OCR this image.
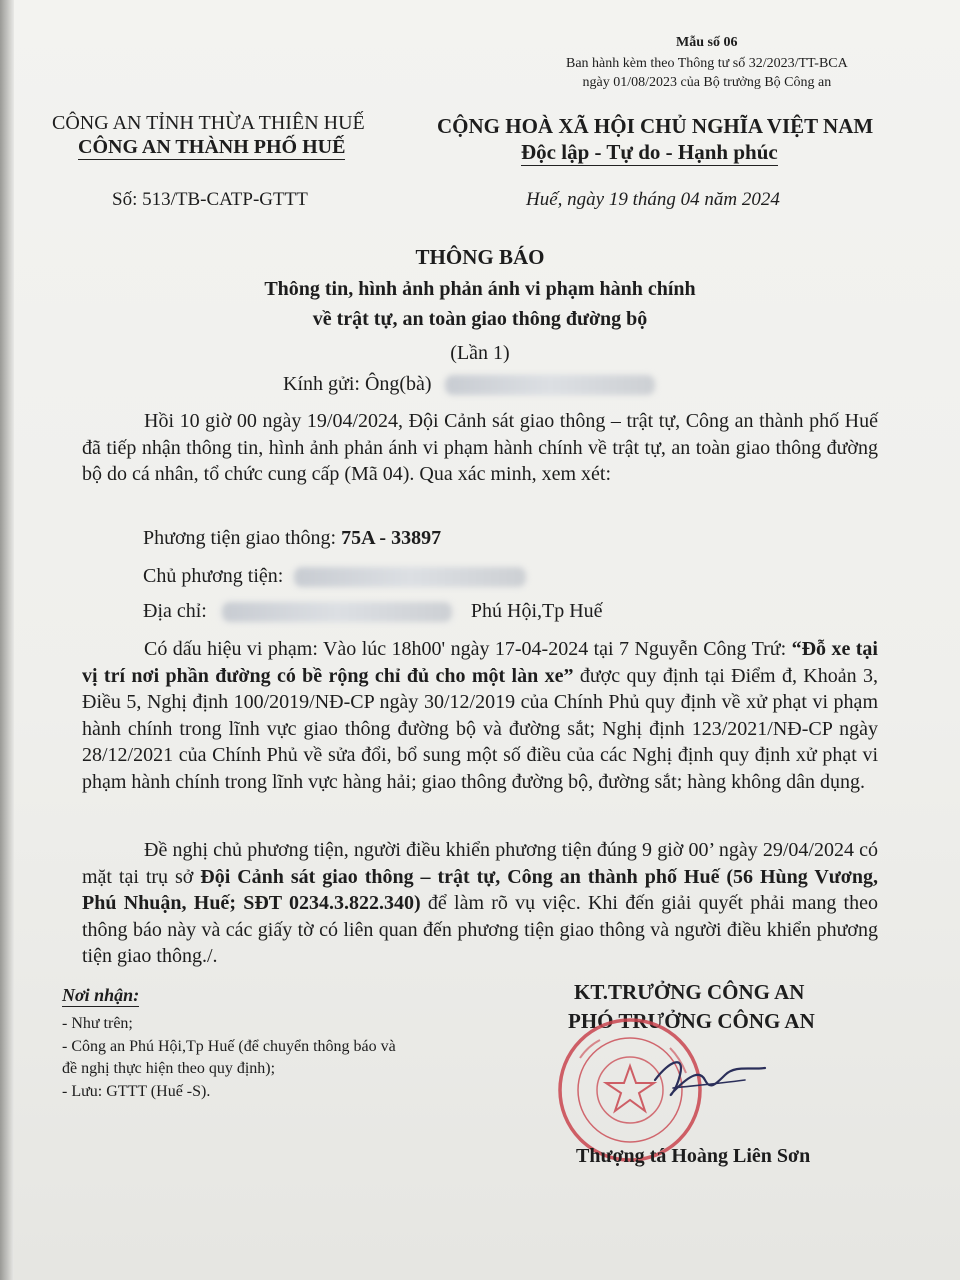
Mẫu số 06
Ban hành kèm theo Thông tư số 32/2023/TT-BCA
ngày 01/08/2023 của Bộ trưởng Bộ Công an
CÔNG AN TỈNH THỪA THIÊN HUẾ
CÔNG AN THÀNH PHỐ HUẾ
CỘNG HOÀ XÃ HỘI CHỦ NGHĨA VIỆT NAM
Độc lập - Tự do - Hạnh phúc
Số: 513/TB-CATP-GTTT	Huế, ngày 19 tháng 04 năm 2024
THÔNG BÁO
Thông tin, hình ảnh phản ánh vi phạm hành chính
về trật tự, an toàn giao thông đường bộ
(Lần 1)
Kính gửi: Ông(bà)
Hồi 10 giờ 00 ngày 19/04/2024, Đội Cảnh sát giao thông – trật tự, Công an thành phố Huế đã tiếp nhận thông tin, hình ảnh phản ánh vi phạm hành chính về trật tự, an toàn giao thông đường bộ do cá nhân, tổ chức cung cấp (Mã 04). Qua xác minh, xem xét:
Phương tiện giao thông: 75A - 33897
Chủ phương tiện:
Địa chỉ:	Phú Hội,Tp Huế
Có dấu hiệu vi phạm: Vào lúc 18h00' ngày 17-04-2024 tại 7 Nguyễn Công Trứ: “Đỗ xe tại vị trí nơi phần đường có bề rộng chỉ đủ cho một làn xe” được quy định tại Điểm đ, Khoản 3, Điều 5, Nghị định 100/2019/NĐ-CP ngày 30/12/2019 của Chính Phủ quy định về xử phạt vi phạm hành chính trong lĩnh vực giao thông đường bộ và đường sắt; Nghị định 123/2021/NĐ-CP ngày 28/12/2021 của Chính Phủ về sửa đổi, bổ sung một số điều của các Nghị định quy định xử phạt vi phạm hành chính trong lĩnh vực hàng hải; giao thông đường bộ, đường sắt; hàng không dân dụng.
Đề nghị chủ phương tiện, người điều khiển phương tiện đúng 9 giờ 00’ ngày 29/04/2024 có mặt tại trụ sở Đội Cảnh sát giao thông – trật tự, Công an thành phố Huế (56 Hùng Vương, Phú Nhuận, Huế; SĐT 0234.3.822.340) để làm rõ vụ việc. Khi đến giải quyết phải mang theo thông báo này và các giấy tờ có liên quan đến phương tiện giao thông và người điều khiển phương tiện giao thông./.
Nơi nhận:
- Như trên;
- Công an Phú Hội,Tp Huế (để chuyển thông báo và
đề nghị thực hiện theo quy định);
- Lưu: GTTT (Huế -S).
KT.TRƯỞNG CÔNG AN
PHÓ TRƯỞNG CÔNG AN
Thượng tá Hoàng Liên Sơn
